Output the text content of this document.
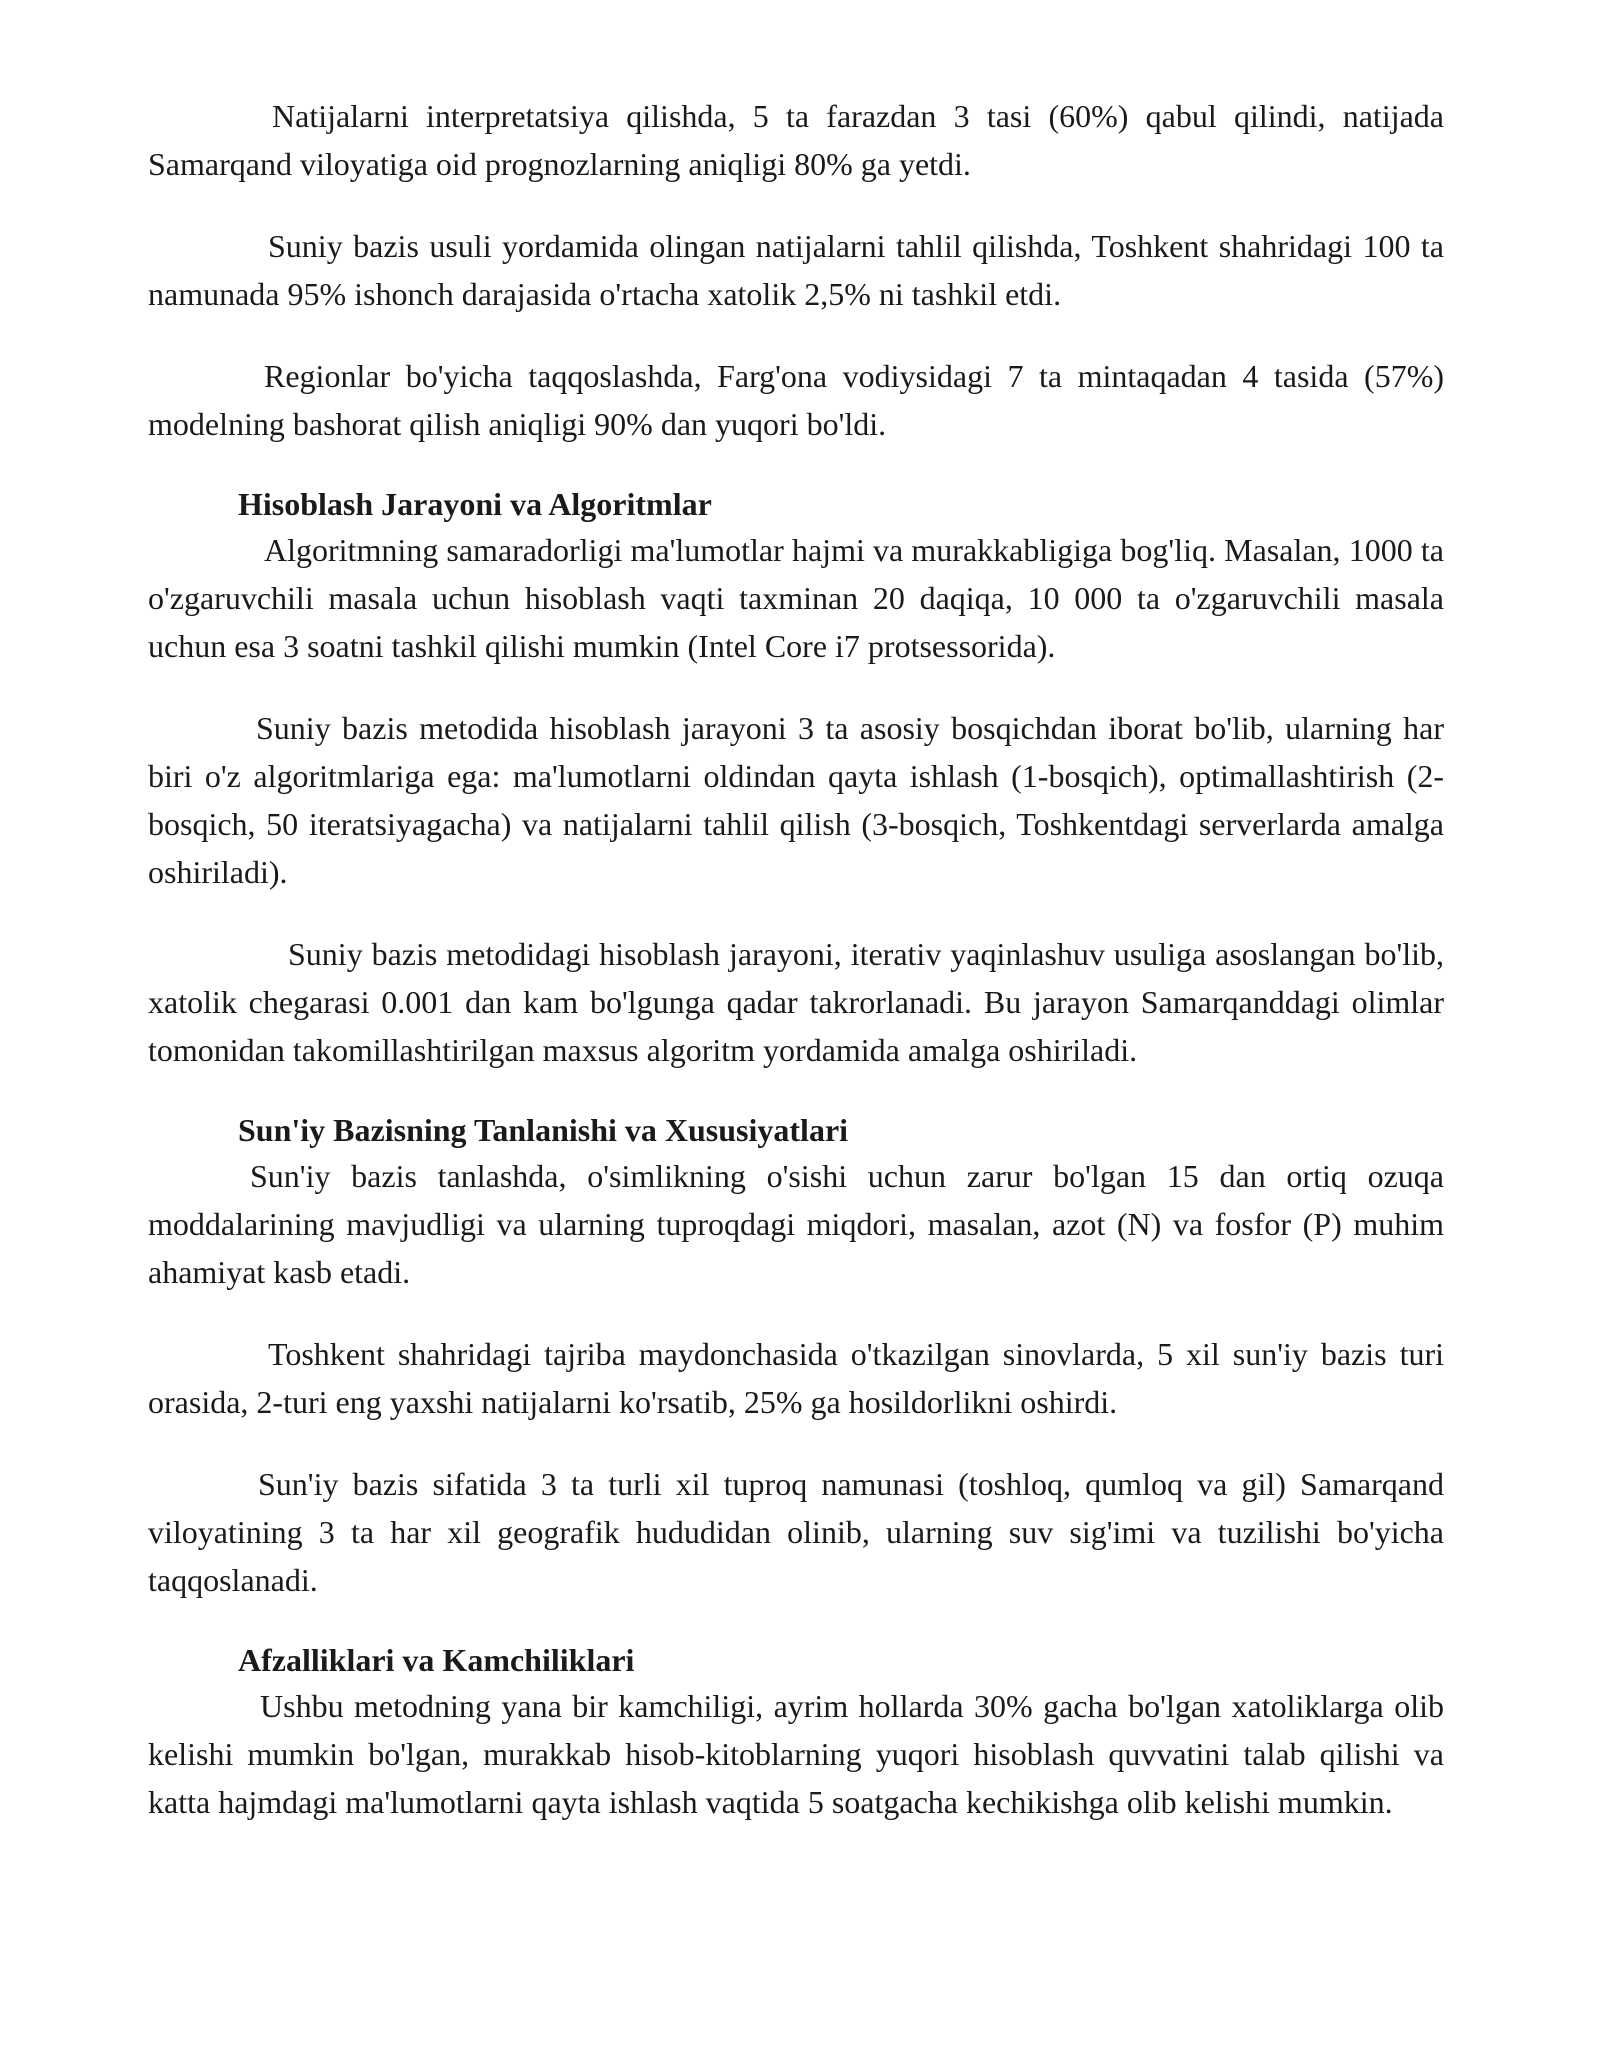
Natijalarni interpretatsiya qilishda, 5 ta farazdan 3 tasi (60%) qabul qilindi, natijada Samarqand viloyatiga oid prognozlarning aniqligi 80% ga yetdi.

Suniy bazis usuli yordamida olingan natijalarni tahlil qilishda, Toshkent shahridagi 100 ta namunada 95% ishonch darajasida o'rtacha xatolik 2,5% ni tashkil etdi.

Regionlar bo'yicha taqqoslashda, Farg'ona vodiysidagi 7 ta mintaqadan 4 tasida (57%) modelning bashorat qilish aniqligi 90% dan yuqori bo'ldi.

Hisoblash Jarayoni va Algoritmlar

Algoritmning samaradorligi ma'lumotlar hajmi va murakkabligiga bog'liq. Masalan, 1000 ta o'zgaruvchili masala uchun hisoblash vaqti taxminan 20 daqiqa, 10 000 ta o'zgaruvchili masala uchun esa 3 soatni tashkil qilishi mumkin (Intel Core i7 protsessorida).

Suniy bazis metodida hisoblash jarayoni 3 ta asosiy bosqichdan iborat bo'lib, ularning har biri o'z algoritmlariga ega: ma'lumotlarni oldindan qayta ishlash (1-bosqich), optimallashtirish (2-bosqich, 50 iteratsiyagacha) va natijalarni tahlil qilish (3-bosqich, Toshkentdagi serverlarda amalga oshiriladi).

Suniy bazis metodidagi hisoblash jarayoni, iterativ yaqinlashuv usuliga asoslangan bo'lib, xatolik chegarasi 0.001 dan kam bo'lgunga qadar takrorlanadi. Bu jarayon Samarqanddagi olimlar tomonidan takomillashtirilgan maxsus algoritm yordamida amalga oshiriladi.

Sun'iy Bazisning Tanlanishi va Xususiyatlari

Sun'iy bazis tanlashda, o'simlikning o'sishi uchun zarur bo'lgan 15 dan ortiq ozuqa moddalarining mavjudligi va ularning tuproqdagi miqdori, masalan, azot (N) va fosfor (P) muhim ahamiyat kasb etadi.

Toshkent shahridagi tajriba maydonchasida o'tkazilgan sinovlarda, 5 xil sun'iy bazis turi orasida, 2-turi eng yaxshi natijalarni ko'rsatib, 25% ga hosildorlikni oshirdi.

Sun'iy bazis sifatida 3 ta turli xil tuproq namunasi (toshloq, qumloq va gil) Samarqand viloyatining 3 ta har xil geografik hududidan olinib, ularning suv sig'imi va tuzilishi bo'yicha taqqoslanadi.

Afzalliklari va Kamchiliklari

Ushbu metodning yana bir kamchiligi, ayrim hollarda 30% gacha bo'lgan xatoliklarga olib kelishi mumkin bo'lgan, murakkab hisob-kitoblarning yuqori hisoblash quvvatini talab qilishi va katta hajmdagi ma'lumotlarni qayta ishlash vaqtida 5 soatgacha kechikishga olib kelishi mumkin.
